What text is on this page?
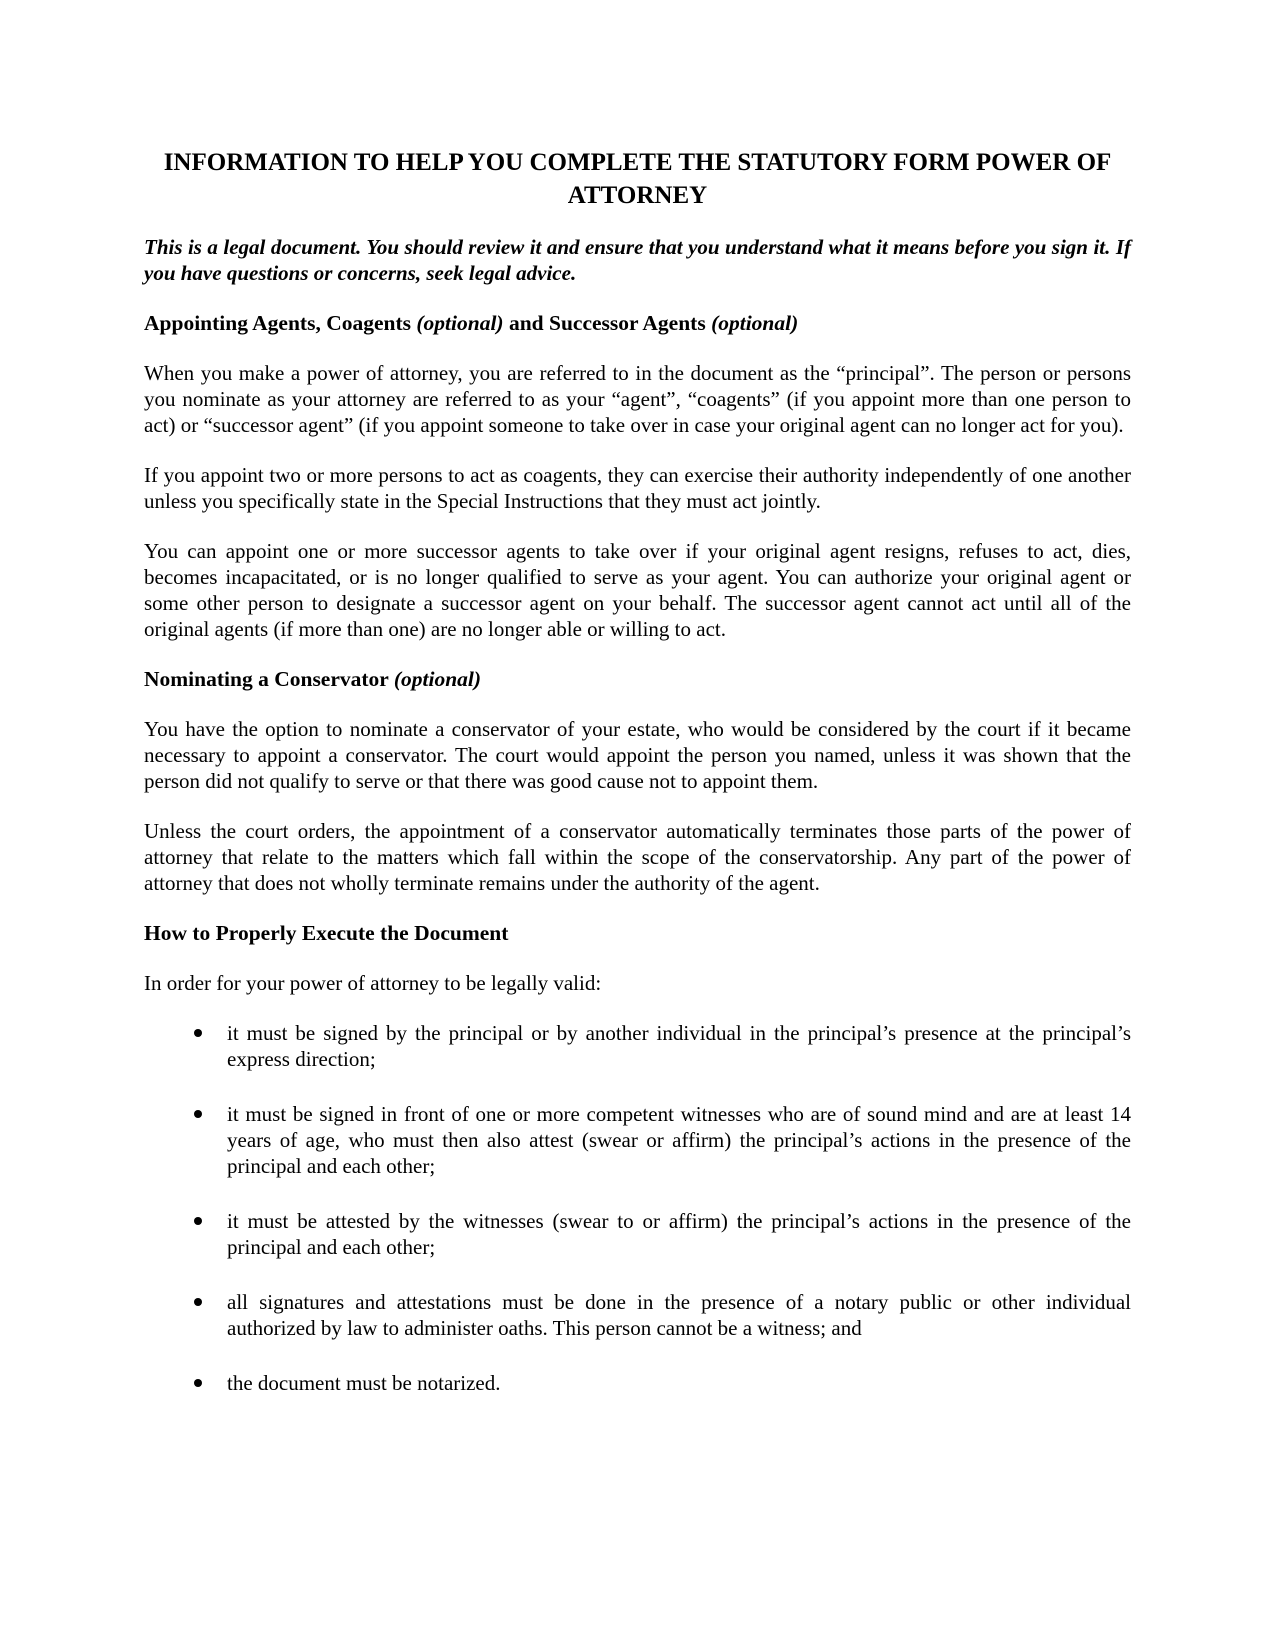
INFORMATION TO HELP YOU COMPLETE THE STATUTORY FORM POWER OF
ATTORNEY

This is a legal document. You should review it and ensure that you understand what it means before you sign it. If you have questions or concerns, seek legal advice.

Appointing Agents, Coagents (optional) and Successor Agents (optional)

When you make a power of attorney, you are referred to in the document as the “principal”. The person or persons you nominate as your attorney are referred to as your “agent”, “coagents” (if you appoint more than one person to act) or “successor agent” (if you appoint someone to take over in case your original agent can no longer act for you).

If you appoint two or more persons to act as coagents, they can exercise their authority independently of one another unless you specifically state in the Special Instructions that they must act jointly.

You can appoint one or more successor agents to take over if your original agent resigns, refuses to act, dies, becomes incapacitated, or is no longer qualified to serve as your agent. You can authorize your original agent or some other person to designate a successor agent on your behalf. The successor agent cannot act until all of the original agents (if more than one) are no longer able or willing to act.

Nominating a Conservator (optional)

You have the option to nominate a conservator of your estate, who would be considered by the court if it became necessary to appoint a conservator. The court would appoint the person you named, unless it was shown that the person did not qualify to serve or that there was good cause not to appoint them.

Unless the court orders, the appointment of a conservator automatically terminates those parts of the power of attorney that relate to the matters which fall within the scope of the conservatorship. Any part of the power of attorney that does not wholly terminate remains under the authority of the agent.

How to Properly Execute the Document

In order for your power of attorney to be legally valid:

it must be signed by the principal or by another individual in the principal’s presence at the principal’s express direction;
it must be signed in front of one or more competent witnesses who are of sound mind and are at least 14 years of age, who must then also attest (swear or affirm) the principal’s actions in the presence of the principal and each other;
it must be attested by the witnesses (swear to or affirm) the principal’s actions in the presence of the principal and each other;
all signatures and attestations must be done in the presence of a notary public or other individual authorized by law to administer oaths. This person cannot be a witness; and
the document must be notarized.
